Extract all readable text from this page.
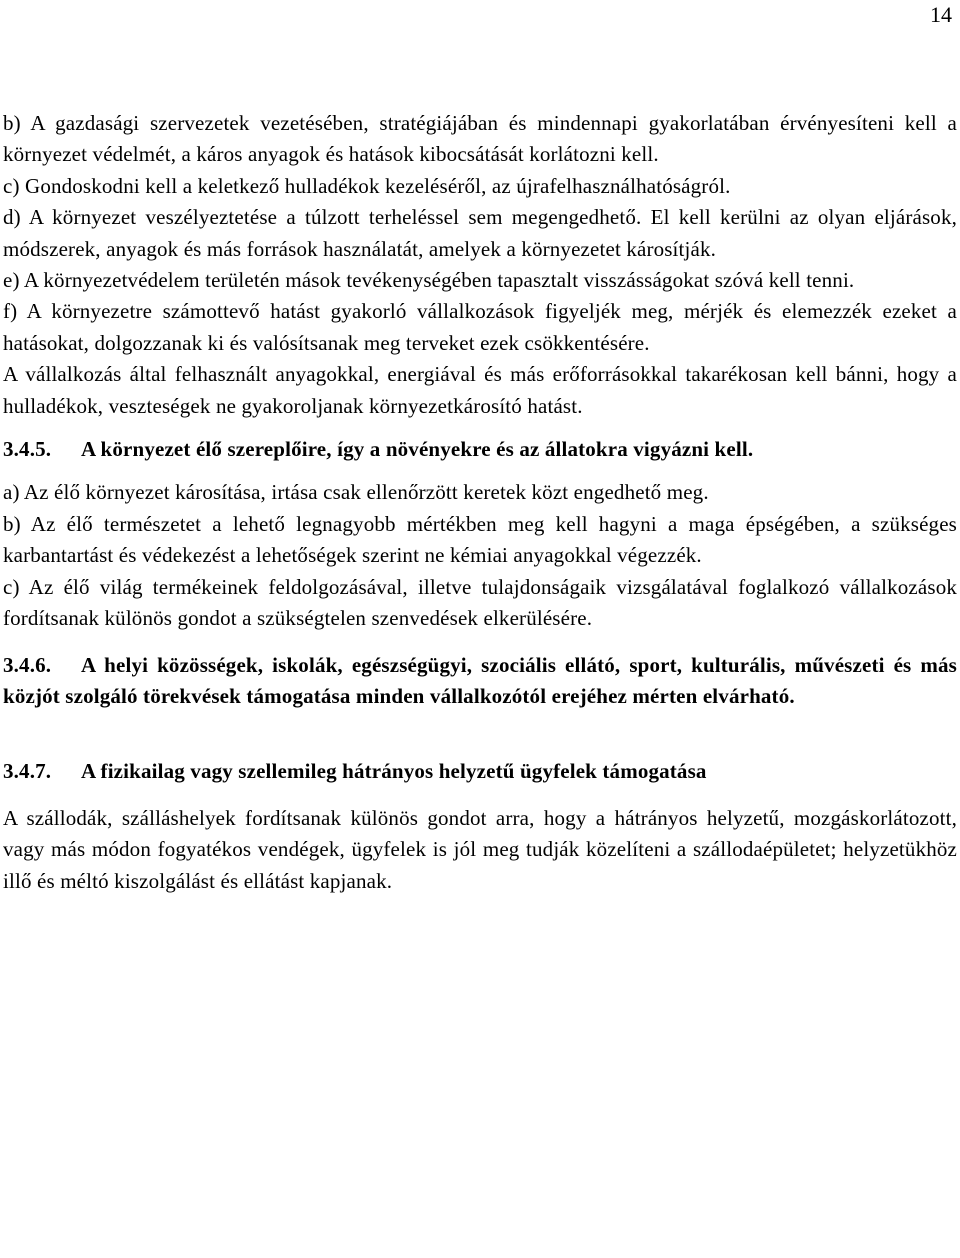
14

b) A gazdasági szervezetek vezetésében, stratégiájában és mindennapi gyakorlatában érvényesíteni kell a környezet védelmét, a káros anyagok és hatások kibocsátását korlátozni kell.

c) Gondoskodni kell a keletkező hulladékok kezeléséről, az újrafelhasználhatóságról.

d) A környezet veszélyeztetése a túlzott terheléssel sem megengedhető. El kell kerülni az olyan eljárások, módszerek, anyagok és más források használatát, amelyek a környezetet károsítják.

e) A környezetvédelem területén mások tevékenységében tapasztalt visszásságokat szóvá kell tenni.

f) A környezetre számottevő hatást gyakorló vállalkozások figyeljék meg, mérjék és elemezzék ezeket a hatásokat, dolgozzanak ki és valósítsanak meg terveket ezek csökkentésére.

A vállalkozás által felhasznált anyagokkal, energiával és más erőforrásokkal takarékosan kell bánni, hogy a hulladékok, veszteségek ne gyakoroljanak környezetkárosító hatást.

3.4.5. A környezet élő szereplőire, így a növényekre és az állatokra vigyázni kell.

a) Az élő környezet károsítása, irtása csak ellenőrzött keretek közt engedhető meg.

b) Az élő természetet a lehető legnagyobb mértékben meg kell hagyni a maga épségében, a szükséges karbantartást és védekezést a lehetőségek szerint ne kémiai anyagokkal végezzék.

c) Az élő világ termékeinek feldolgozásával, illetve tulajdonságaik vizsgálatával foglalkozó vállalkozások fordítsanak különös gondot a szükségtelen szenvedések elkerülésére.

3.4.6. A helyi közösségek, iskolák, egészségügyi, szociális ellátó, sport, kulturális, művészeti és más közjót szolgáló törekvések támogatása minden vállalkozótól erejéhez mérten elvárható.

3.4.7. A fizikailag vagy szellemileg hátrányos helyzetű ügyfelek támogatása

A szállodák, szálláshelyek fordítsanak különös gondot arra, hogy a hátrányos helyzetű, mozgáskorlátozott, vagy más módon fogyatékos vendégek, ügyfelek is jól meg tudják közelíteni a szállodaépületet; helyzetükhöz illő és méltó kiszolgálást és ellátást kapjanak.
